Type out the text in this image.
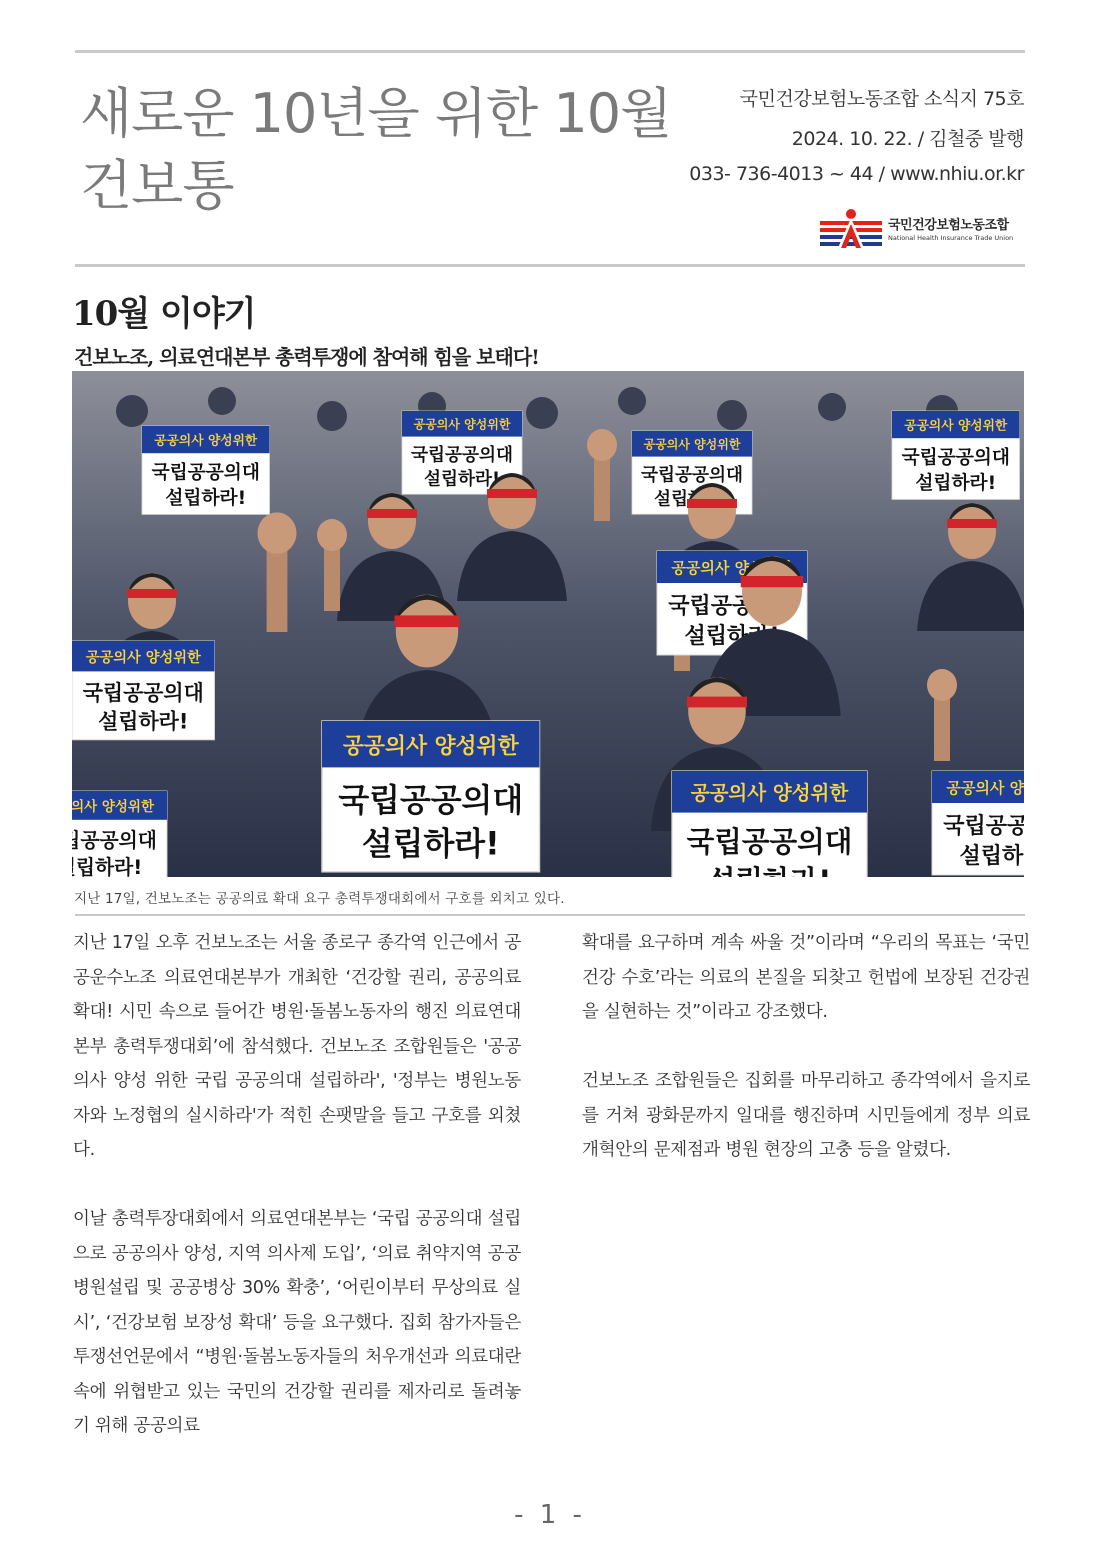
새로운 10년을 위한 10월
건보통
국민건강보험노동조합 소식지 75호
2024. 10. 22. / 김철중 발행
033- 736-4013 ~ 44 / www.nhiu.or.kr
국민건강보험노동조합
National Health Insurance Trade Union
10월 이야기
건보노조, 의료연대본부 총력투쟁에 참여해 힘을 보태다!
지난 17일, 건보노조는 공공의료 확대 요구 총력투쟁대회에서 구호를 외치고 있다.

지난 17일 오후 건보노조는 서울 종로구 종각역 인근에서 공공운수노조 의료연대본부가 개최한 ‘건강할 권리, 공공의료 확대! 시민 속으로 들어간 병원·돌봄노동자의 행진 의료연대본부 총력투쟁대회’에 참석했다. 건보노조 조합원들은 '공공의사 양성 위한 국립 공공의대 설립하라', '정부는 병원노동자와 노정협의 실시하라'가 적힌 손팻말을 들고 구호를 외쳤다.

이날 총력투장대회에서 의료연대본부는 ‘국립 공공의대 설립으로 공공의사 양성, 지역 의사제 도입’, ‘의료 취약지역 공공병원설립 및 공공병상 30% 확충’, ‘어린이부터 무상의료 실시’, ‘건강보험 보장성 확대’ 등을 요구했다. 집회 참가자들은 투쟁선언문에서 “병원·돌봄노동자들의 처우개선과 의료대란 속에 위협받고 있는 국민의 건강할 권리를 제자리로 돌려놓기 위해 공공의료

확대를 요구하며 계속 싸울 것”이라며 “우리의 목표는 ‘국민건강 수호’라는 의료의 본질을 되찾고 헌법에 보장된 건강권을 실현하는 것”이라고 강조했다.

건보노조 조합원들은 집회를 마무리하고 종각역에서 을지로를 거쳐 광화문까지 일대를 행진하며 시민들에게 정부 의료개혁안의 문제점과 병원 현장의 고충 등을 알렸다.

- 1 -
